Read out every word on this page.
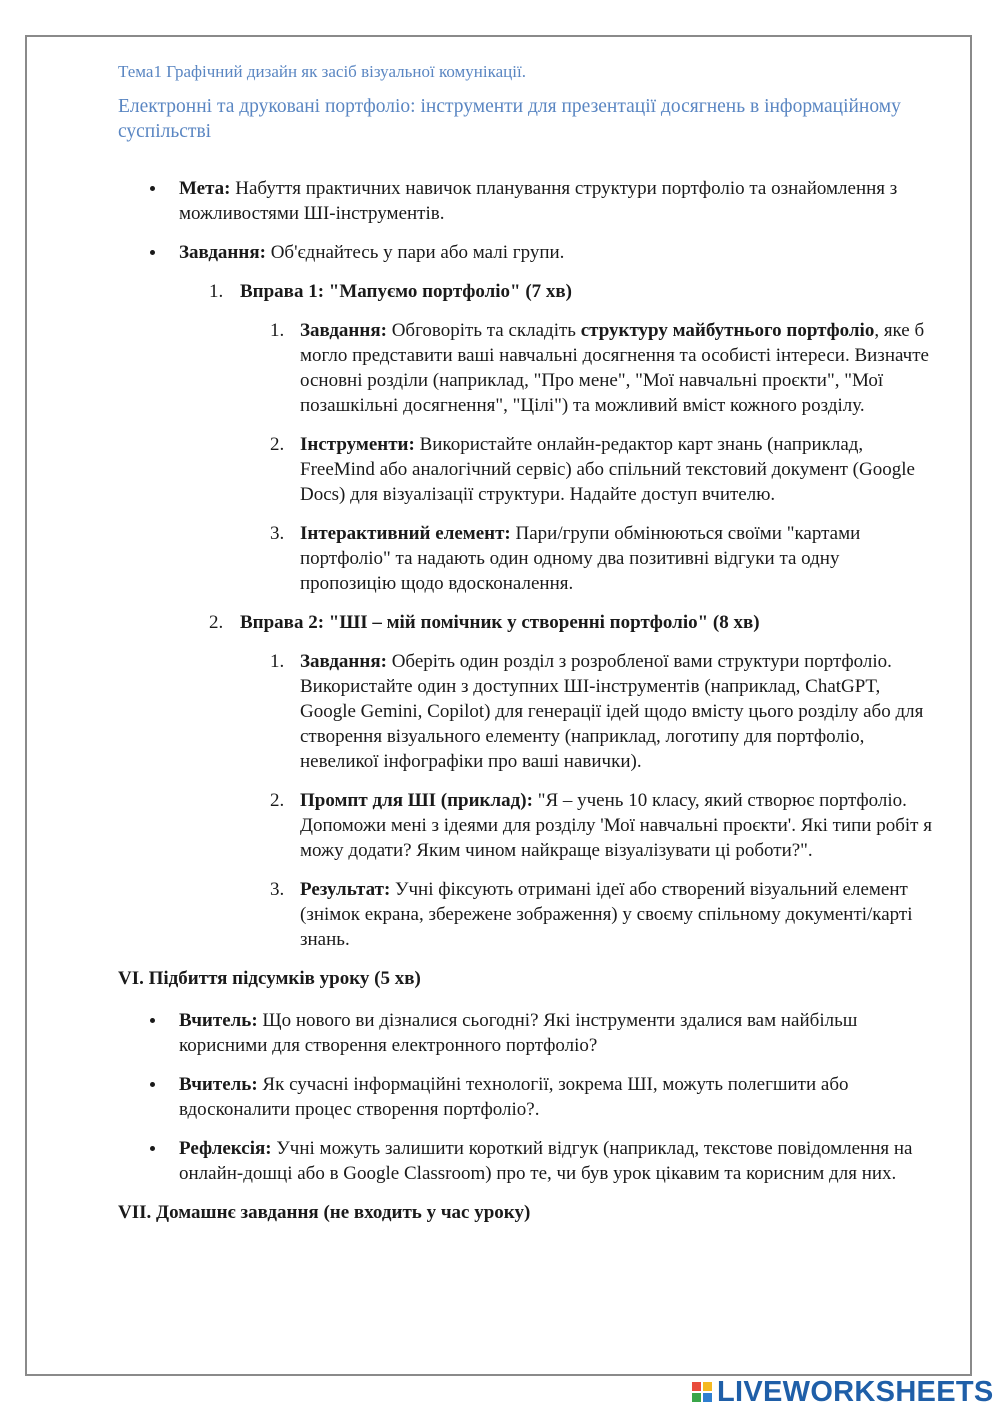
Тема1 Графічний дизайн як засіб візуальної комунікації.

Електронні та друковані портфоліо: інструменти для презентації досягнень в інформаційному суспільстві

Мета: Набуття практичних навичок планування структури портфоліо та ознайомлення з можливостями ШІ-інструментів.
Завдання: Об'єднайтесь у пари або малі групи.
1. Вправа 1: "Мапуємо портфоліо" (7 хв)
1. Завдання: Обговоріть та складіть структуру майбутнього портфоліо, яке б могло представити ваші навчальні досягнення та особисті інтереси. Визначте основні розділи (наприклад, "Про мене", "Мої навчальні проєкти", "Мої позашкільні досягнення", "Цілі") та можливий вміст кожного розділу.
2. Інструменти: Використайте онлайн-редактор карт знань (наприклад, FreeMind або аналогічний сервіс) або спільний текстовий документ (Google Docs) для візуалізації структури. Надайте доступ вчителю.
3. Інтерактивний елемент: Пари/групи обмінюються своїми "картами портфоліо" та надають один одному два позитивні відгуки та одну пропозицію щодо вдосконалення.
2. Вправа 2: "ШІ – мій помічник у створенні портфоліо" (8 хв)
1. Завдання: Оберіть один розділ з розробленої вами структури портфоліо. Використайте один з доступних ШІ-інструментів (наприклад, ChatGPT, Google Gemini, Copilot) для генерації ідей щодо вмісту цього розділу або для створення візуального елементу (наприклад, логотипу для портфоліо, невеликої інфографіки про ваші навички).
2. Промпт для ШІ (приклад): "Я – учень 10 класу, який створює портфоліо. Допоможи мені з ідеями для розділу 'Мої навчальні проєкти'. Які типи робіт я можу додати? Яким чином найкраще візуалізувати ці роботи?".
3. Результат: Учні фіксують отримані ідеї або створений візуальний елемент (знімок екрана, збережене зображення) у своєму спільному документі/карті знань.

VI. Підбиття підсумків уроку (5 хв)

Вчитель: Що нового ви дізналися сьогодні? Які інструменти здалися вам найбільш корисними для створення електронного портфоліо?
Вчитель: Як сучасні інформаційні технології, зокрема ШІ, можуть полегшити або вдосконалити процес створення портфоліо?.
Рефлексія: Учні можуть залишити короткий відгук (наприклад, текстове повідомлення на онлайн-дошці або в Google Classroom) про те, чи був урок цікавим та корисним для них.

VII. Домашнє завдання (не входить у час уроку)

LIVEWORKSHEETS
